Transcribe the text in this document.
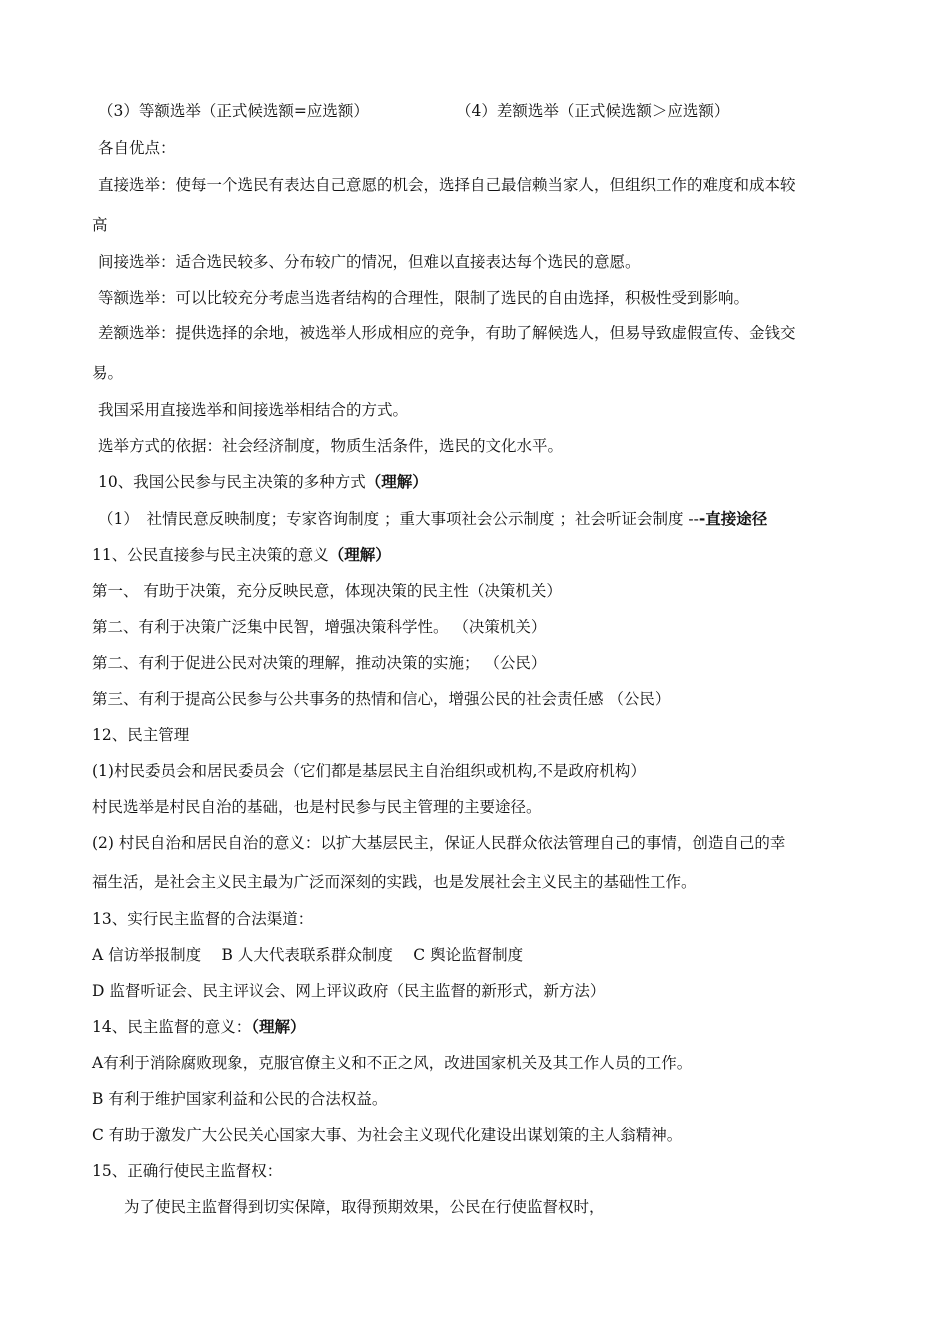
（3）等额选举（正式候选额=应选额）	（4）差额选举（正式候选额＞应选额）
各自优点：
直接选举：使每一个选民有表达自己意愿的机会，选择自己最信赖当家人，但组织工作的难度和成本较
高
间接选举：适合选民较多、分布较广的情况，但难以直接表达每个选民的意愿。
等额选举：可以比较充分考虑当选者结构的合理性，限制了选民的自由选择，积极性受到影响。
差额选举：提供选择的余地，被选举人形成相应的竞争，有助了解候选人，但易导致虚假宣传、金钱交
易。
我国采用直接选举和间接选举相结合的方式。
选举方式的依据：社会经济制度，物质生活条件，选民的文化水平。
10、我国公民参与民主决策的多种方式（理解）
（1）　社情民意反映制度；专家咨询制度 ；重大事项社会公示制度 ；社会听证会制度 ---直接途径
11、公民直接参与民主决策的意义（理解）
第一、 有助于决策，充分反映民意，体现决策的民主性（决策机关）
第二、有利于决策广泛集中民智，增强决策科学性。 （决策机关）
第二、有利于促进公民对决策的理解，推动决策的实施； （公民）
第三、有利于提高公民参与公共事务的热情和信心，增强公民的社会责任感 （公民）
12、民主管理
(1)村民委员会和居民委员会（它们都是基层民主自治组织或机构,不是政府机构）
村民选举是村民自治的基础，也是村民参与民主管理的主要途径。
(2) 村民自治和居民自治的意义：以扩大基层民主，保证人民群众依法管理自己的事情，创造自己的幸
福生活，是社会主义民主最为广泛而深刻的实践，也是发展社会主义民主的基础性工作。
13、实行民主监督的合法渠道：
A 信访举报制度　 B 人大代表联系群众制度　 C 舆论监督制度
D 监督听证会、民主评议会、网上评议政府（民主监督的新形式，新方法）
14、民主监督的意义：（理解）
A有利于消除腐败现象，克服官僚主义和不正之风，改进国家机关及其工作人员的工作。
B 有利于维护国家利益和公民的合法权益。
C 有助于激发广大公民关心国家大事、为社会主义现代化建设出谋划策的主人翁精神。
15、正确行使民主监督权：
为了使民主监督得到切实保障，取得预期效果，公民在行使监督权时，
